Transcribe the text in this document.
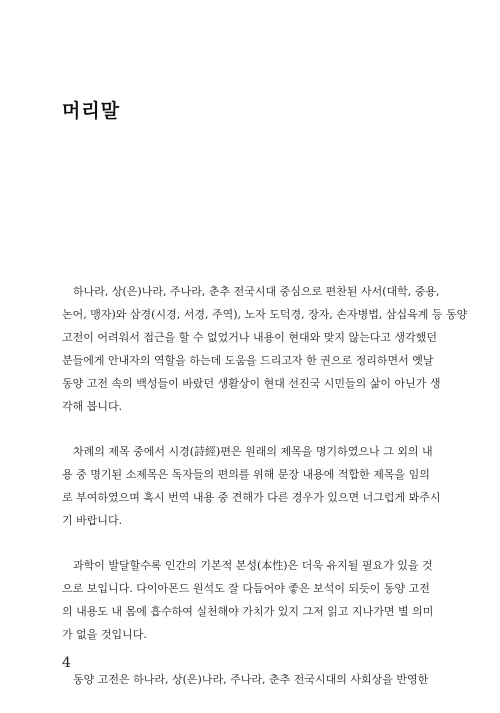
머리말

　하나라, 상(은)나라, 주나라, 춘추 전국시대 중심으로 편찬된 사서(대학, 중용,
논어, 맹자)와 삼경(시경, 서경, 주역), 노자 도덕경, 장자, 손자병법, 삼십육계 등 동양
고전이 어려워서 접근을 할 수 없었거나 내용이 현대와 맞지 않는다고 생각했던
분들에게 안내자의 역할을 하는데 도움을 드리고자 한 권으로 정리하면서 옛날
동양 고전 속의 백성들이 바랐던 생활상이 현대 선진국 시민들의 삶이 아닌가 생
각해 봅니다.

　차례의 제목 중에서 시경(詩經)편은 원래의 제목을 명기하였으나 그 외의 내
용 중 명기된 소제목은 독자들의 편의를 위해 문장 내용에 적합한 제목을 임의
로 부여하였으며 혹시 번역 내용 중 견해가 다른 경우가 있으면 너그럽게 봐주시
기 바랍니다.

　과학이 발달할수록 인간의 기본적 본성(本性)은 더욱 유지될 필요가 있을 것
으로 보입니다. 다이아몬드 원석도 잘 다듬어야 좋은 보석이 되듯이 동양 고전
의 내용도 내 몸에 흡수하여 실천해야 가치가 있지 그저 읽고 지나가면 별 의미
가 없을 것입니다.

　동양 고전은 하나라, 상(은)나라, 주나라, 춘추 전국시대의 사회상을 반영한

4
